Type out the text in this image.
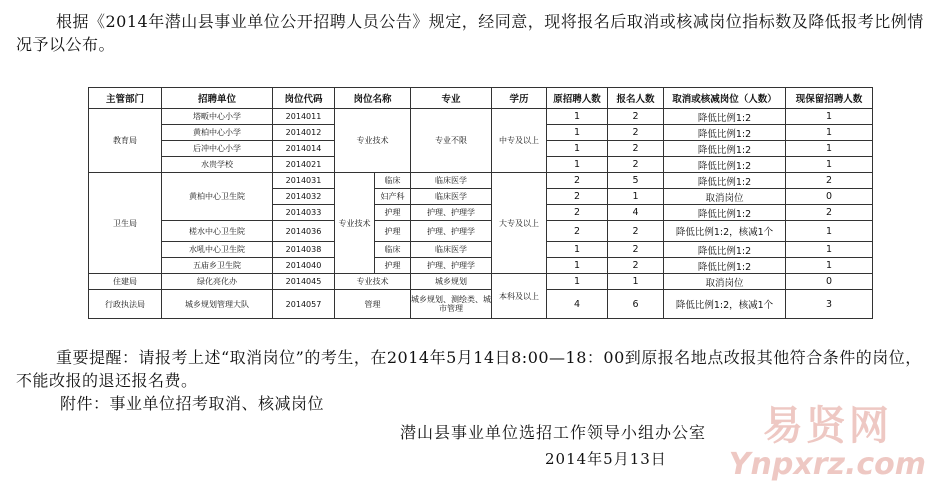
根据《2014年潜山县事业单位公开招聘人员公告》规定，经同意，现将报名后取消或核减岗位指标数及降低报考比例情况予以公布。
主管部门	招聘单位	岗位代码	岗位名称		专业	学历	原招聘人数	报名人数	取消或核减岗位（人数）	现保留招聘人数
教育局	塔畈中心小学	2014011	专业技术		专业不限	中专及以上	1	2	降低比例1:2	1
	黄柏中心小学	2014012					1	2	降低比例1:2	1
	后冲中心小学	2014014					1	2	降低比例1:2	1
	水贵学校	2014021					1	2	降低比例1:2	1
卫生局	黄柏中心卫生院	2014031	专业技术	临床	临床医学	大专及以上	2	5	降低比例1:2	2
		2014032		妇产科	临床医学		2	1	取消岗位	0
		2014033		护理	护理、护理学		2	4	降低比例1:2	2
	槎水中心卫生院	2014036		护理	护理、护理学		2	2	降低比例1:2，核减1个	1
	水吼中心卫生院	2014038		临床	临床医学		1	2	降低比例1:2	1
	五庙乡卫生院	2014040		护理	护理、护理学		1	2	降低比例1:2	1
住建局	绿化亮化办	2014045	专业技术		城乡规划	本科及以上	1	1	取消岗位	0
行政执法局	城乡规划管理大队	2014057	管理		城乡规划、测绘类、城市管理		4	6	降低比例1:2，核减1个	3
重要提醒：请报考上述“取消岗位”的考生，在2014年5月14日8:00—18：00到原报名地点改报其他符合条件的岗位，不能改报的退还报名费。
附件：事业单位招考取消、核减岗位
潜山县事业单位选招工作领导小组办公室
2014年5月13日
易贤网
Ynpxrz.com
